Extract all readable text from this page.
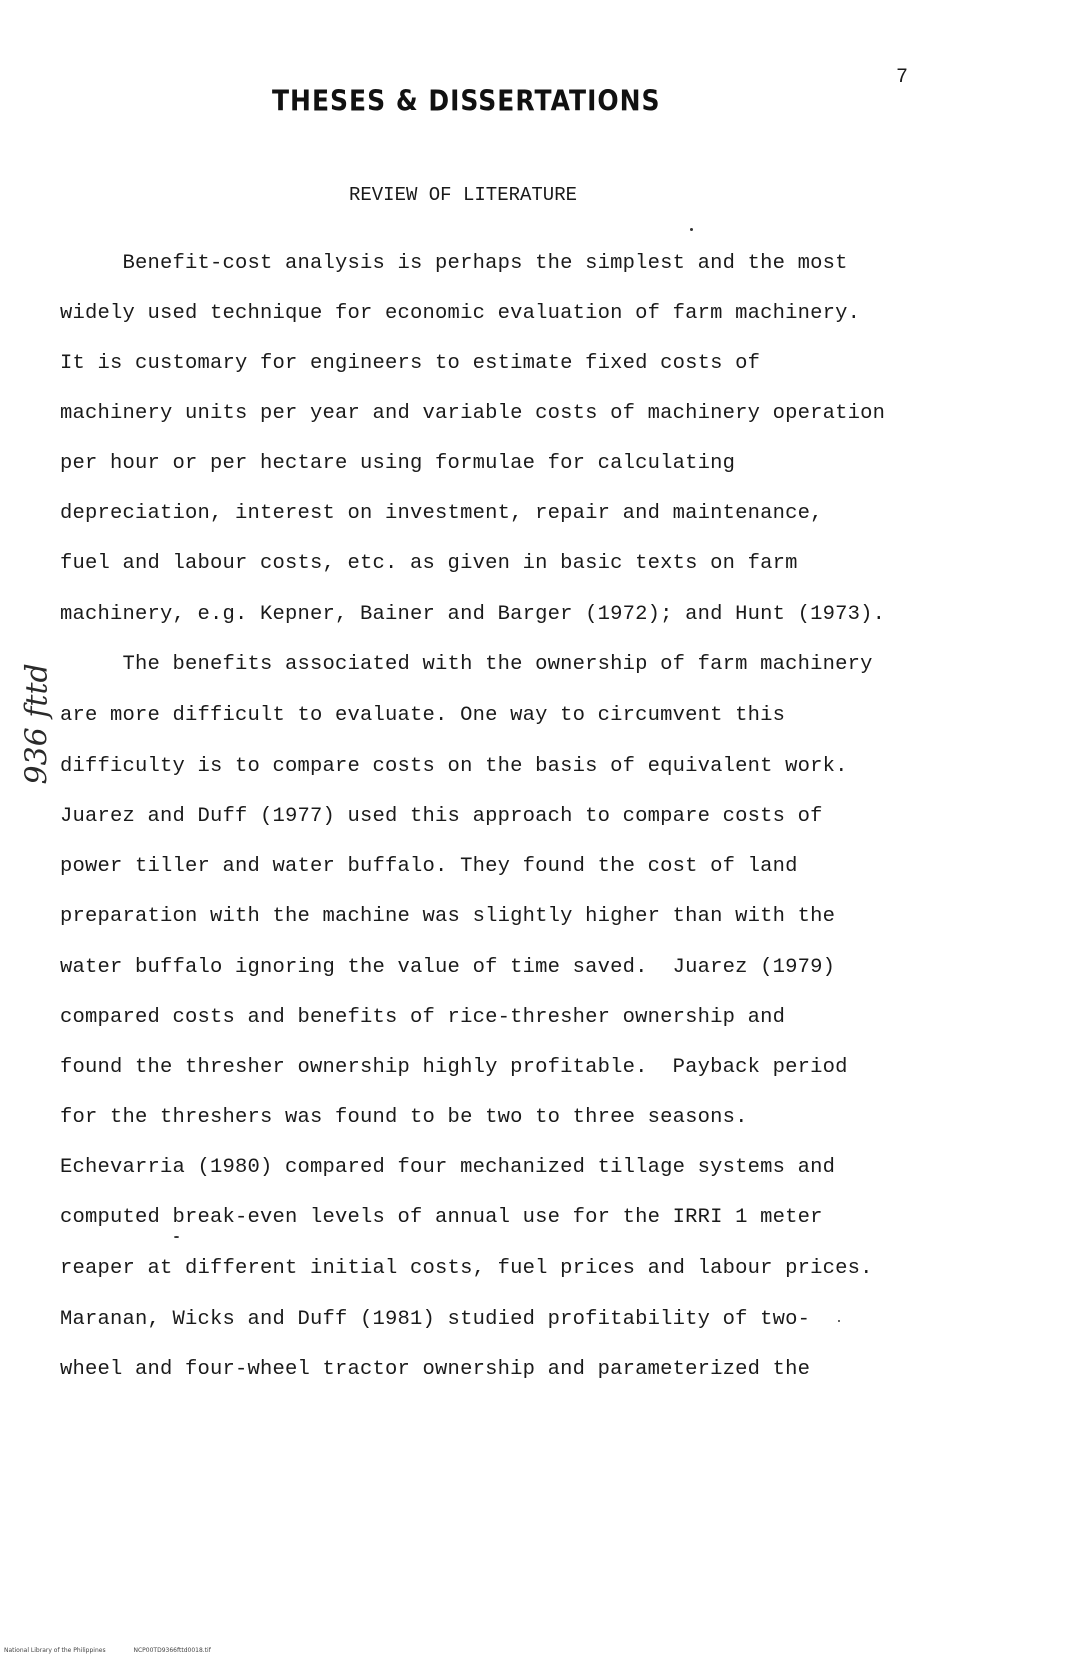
THESES & DISSERTATIONS
7
REVIEW OF LITERATURE
Benefit-cost analysis is perhaps the simplest and the most
widely used technique for economic evaluation of farm machinery.
It is customary for engineers to estimate fixed costs of
machinery units per year and variable costs of machinery operation
per hour or per hectare using formulae for calculating
depreciation, interest on investment, repair and maintenance,
fuel and labour costs, etc. as given in basic texts on farm
machinery, e.g. Kepner, Bainer and Barger (1972); and Hunt (1973).
The benefits associated with the ownership of farm machinery
are more difficult to evaluate. One way to circumvent this
difficulty is to compare costs on the basis of equivalent work.
Juarez and Duff (1977) used this approach to compare costs of
power tiller and water buffalo. They found the cost of land
preparation with the machine was slightly higher than with the
water buffalo ignoring the value of time saved.  Juarez (1979)
compared costs and benefits of rice-thresher ownership and
found the thresher ownership highly profitable.  Payback period
for the threshers was found to be two to three seasons.
Echevarria (1980) compared four mechanized tillage systems and
computed break-even levels of annual use for the IRRI 1 meter
reaper at different initial costs, fuel prices and labour prices.
Maranan, Wicks and Duff (1981) studied profitability of two-
wheel and four-wheel tractor ownership and parameterized the
936 fttd
National Library of the Philippines	NCP00TD9366fttd0018.tif
